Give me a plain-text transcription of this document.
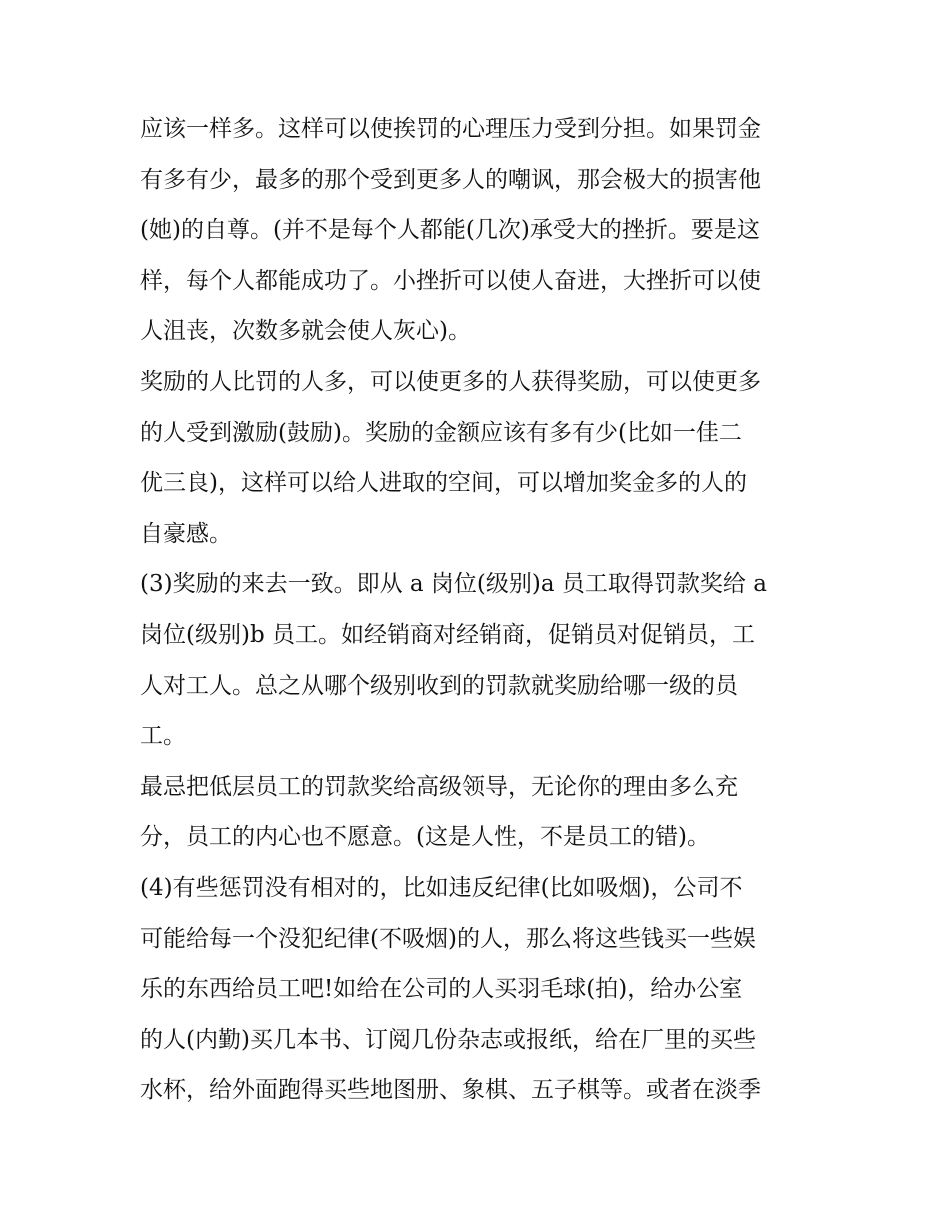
应该一样多。这样可以使挨罚的心理压力受到分担。如果罚金
有多有少，最多的那个受到更多人的嘲讽，那会极大的损害他
(她)的自尊。(并不是每个人都能(几次)承受大的挫折。要是这
样，每个人都能成功了。小挫折可以使人奋进，大挫折可以使
人沮丧，次数多就会使人灰心)。
奖励的人比罚的人多，可以使更多的人获得奖励，可以使更多
的人受到激励(鼓励)。奖励的金额应该有多有少(比如一佳二
优三良)，这样可以给人进取的空间，可以增加奖金多的人的
自豪感。
(3)奖励的来去一致。即从 a 岗位(级别)a 员工取得罚款奖给 a
岗位(级别)b 员工。如经销商对经销商，促销员对促销员，工
人对工人。总之从哪个级别收到的罚款就奖励给哪一级的员
工。
最忌把低层员工的罚款奖给高级领导，无论你的理由多么充
分，员工的内心也不愿意。(这是人性，不是员工的错)。
(4)有些惩罚没有相对的，比如违反纪律(比如吸烟)，公司不
可能给每一个没犯纪律(不吸烟)的人，那么将这些钱买一些娱
乐的东西给员工吧!如给在公司的人买羽毛球(拍)，给办公室
的人(内勤)买几本书、订阅几份杂志或报纸，给在厂里的买些
水杯，给外面跑得买些地图册、象棋、五子棋等。或者在淡季
